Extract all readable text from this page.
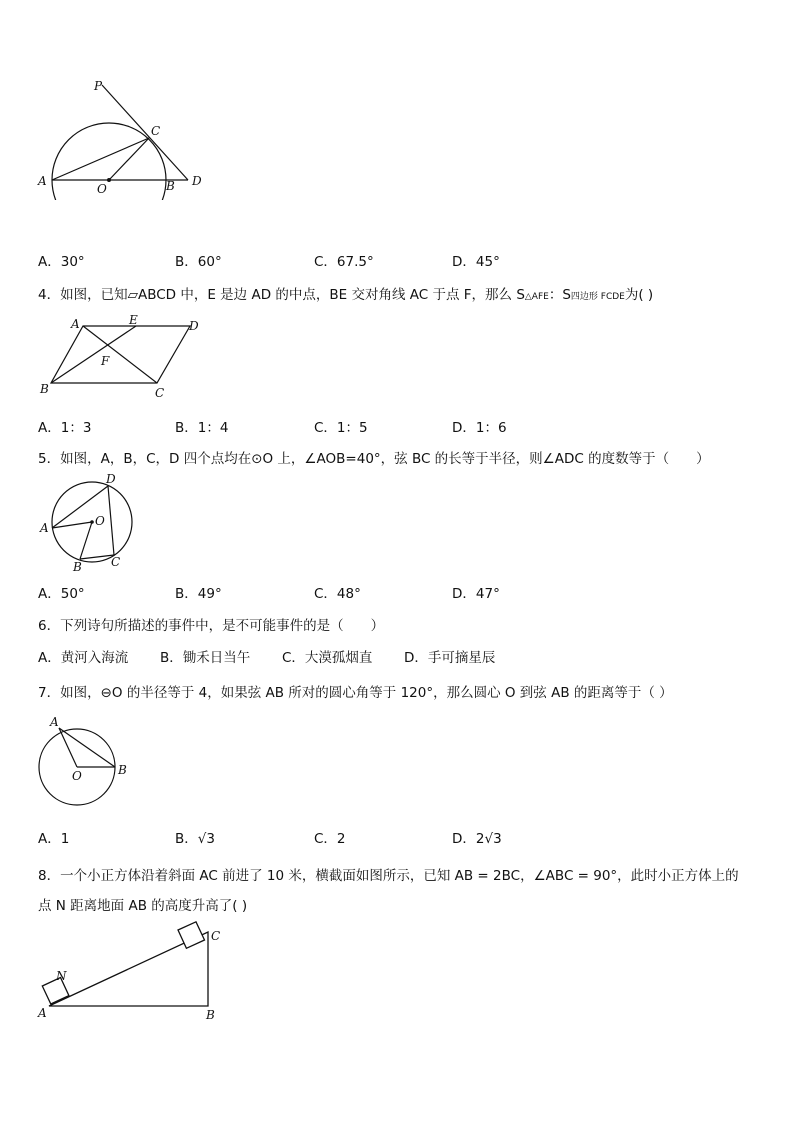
P
C
A
O	B D
A．30°	B．60°	C．67.5°	D．45°
4．如图，已知▱ABCD 中，E 是边 AD 的中点，BE 交对角线 AC 于点 F，那么 S△AFE：S四边形 FCDE为( )
A	E	D
F
B	C
A．1：3	B．1：4	C．1：5	D．1：6
5．如图，A，B，C，D 四个点均在⊙O 上，∠AOB=40°，弦 BC 的长等于半径，则∠ADC 的度数等于（　　）
D
A	O
B C
A．50°	B．49°	C．48°	D．47°
6．下列诗句所描述的事件中，是不可能事件的是（　　）
A．黄河入海流 B．锄禾日当午 C．大漠孤烟直 D．手可摘星辰
7．如图，⊖O 的半径等于 4，如果弦 AB 所对的圆心角等于 120°，那么圆心 O 到弦 AB 的距离等于（ ）
A
O	B
A．1	B．√3	C．2	D．2√3
8．一个小正方体沿着斜面 AC 前进了 10 米，横截面如图所示，已知 AB = 2BC，∠ABC = 90°，此时小正方体上的
点 N 距离地面 AB 的高度升高了( )
N
C
A	B
